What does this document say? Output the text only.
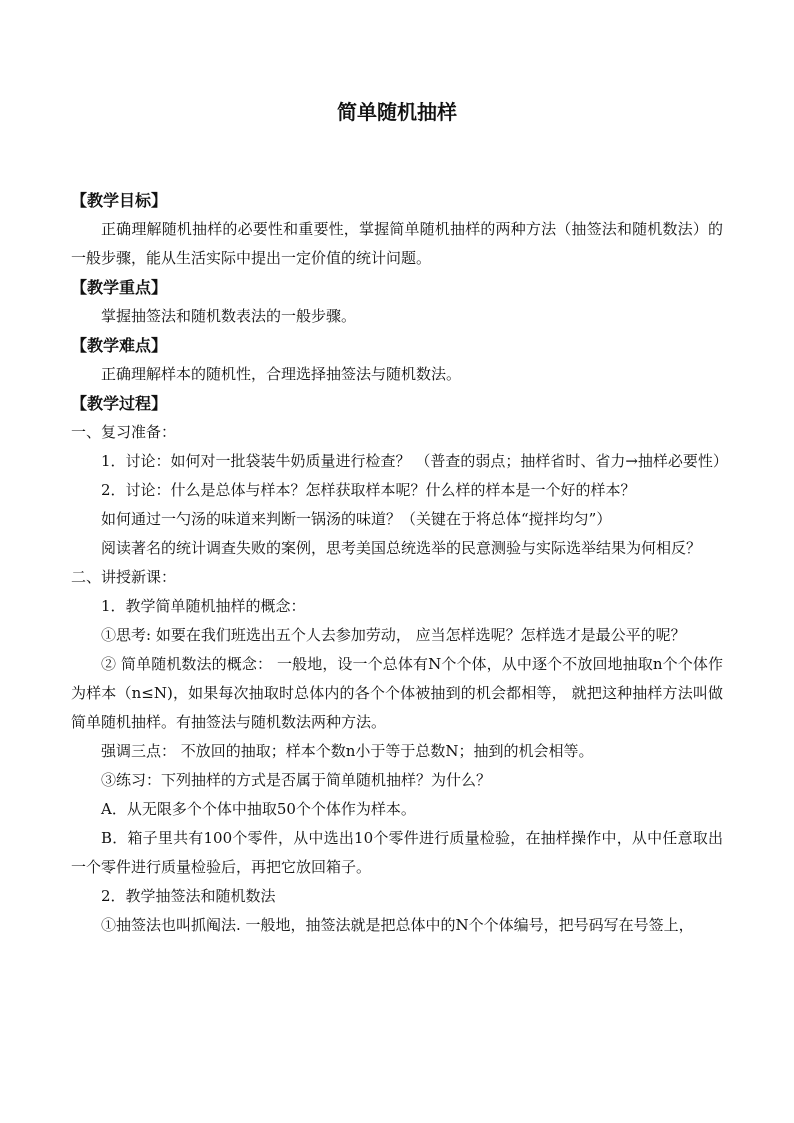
简单随机抽样

【教学目标】

正确理解随机抽样的必要性和重要性，掌握简单随机抽样的两种方法（抽签法和随机数法）的一般步骤，能从生活实际中提出一定价值的统计问题。

【教学重点】

掌握抽签法和随机数表法的一般步骤。

【教学难点】

正确理解样本的随机性，合理选择抽签法与随机数法。

【教学过程】

一、复习准备：

1．讨论：如何对一批袋装牛奶质量进行检查？ （普查的弱点；抽样省时、省力→抽样必要性）

2．讨论：什么是总体与样本？怎样获取样本呢？什么样的样本是一个好的样本？

如何通过一勺汤的味道来判断一锅汤的味道？（关键在于将总体“搅拌均匀”）

阅读著名的统计调查失败的案例，思考美国总统选举的民意测验与实际选举结果为何相反？

二、讲授新课：

1．教学简单随机抽样的概念：

①思考: 如要在我们班选出五个人去参加劳动， 应当怎样选呢？怎样选才是最公平的呢？

② 简单随机数法的概念： 一般地，设一个总体有N个个体，从中逐个不放回地抽取n个个体作为样本（n≤N)，如果每次抽取时总体内的各个个体被抽到的机会都相等， 就把这种抽样方法叫做简单随机抽样。有抽签法与随机数法两种方法。

强调三点： 不放回的抽取；样本个数n小于等于总数N；抽到的机会相等。

③练习：下列抽样的方式是否属于简单随机抽样？为什么？

A．从无限多个个体中抽取50个个体作为样本。

B．箱子里共有100个零件，从中选出10个零件进行质量检验，在抽样操作中，从中任意取出一个零件进行质量检验后，再把它放回箱子。

2．教学抽签法和随机数法

①抽签法也叫抓阄法. 一般地，抽签法就是把总体中的N个个体编号，把号码写在号签上，
